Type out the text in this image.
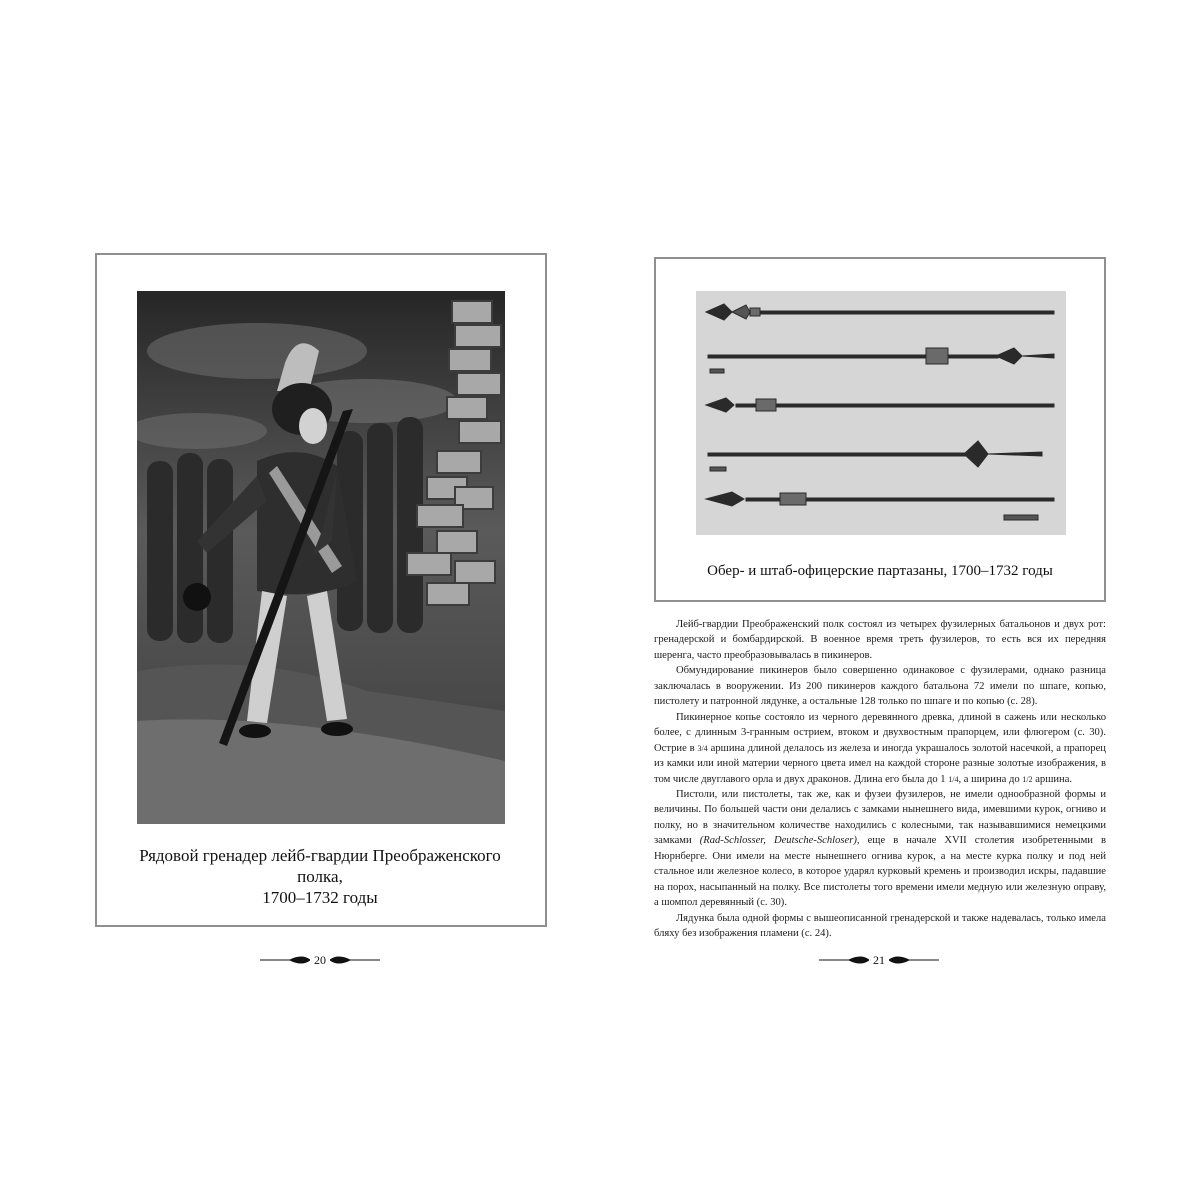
Рядовой гренадер лейб-гвардии Преображенского полка,
1700–1732 годы
20
Обер- и штаб-офицерские партазаны, 1700–1732 годы

Лейб-гвардии Преображенский полк состоял из четырех фузилерных батальонов и двух рот: гренадерской и бомбардирской. В военное время треть фузилеров, то есть вся их передняя шеренга, часто преобразовывалась в пикинеров.

Обмундирование пикинеров было совершенно одинаковое с фузилерами, однако разница заключалась в вооружении. Из 200 пикинеров каждого батальона 72 имели по шпаге, копью, пистолету и патронной лядунке, а остальные 128 только по шпаге и по копью (с. 28).

Пикинерное копье состояло из черного деревянного древка, длиной в сажень или несколько более, с длинным 3-гранным острием, втоком и двухвостным прапорцем, или флюгером (с. 30). Острие в 3/4 аршина длиной делалось из железа и иногда украшалось золотой насечкой, а прапорец из камки или иной материи черного цвета имел на каждой стороне разные золотые изображения, в том числе двуглавого орла и двух драконов. Длина его была до 1 1/4, а ширина до 1/2 аршина.

Пистоли, или пистолеты, так же, как и фузеи фузилеров, не имели однообразной формы и величины. По большей части они делались с замками нынешнего вида, имевшими курок, огниво и полку, но в значительном количестве находились с колесными, так называвшимися немецкими замками (Rad-Schlosser, Deutsche-Schloser), еще в начале XVII столетия изобретенными в Нюрнберге. Они имели на месте нынешнего огнива курок, а на месте курка полку и под ней стальное или железное колесо, в которое ударял курковый кремень и производил искры, падавшие на порох, насыпанный на полку. Все пистолеты того времени имели медную или железную оправу, а шомпол деревянный (с. 30).

Лядунка была одной формы с вышеописанной гренадерской и также надевалась, только имела бляху без изображения пламени (с. 24).

21
